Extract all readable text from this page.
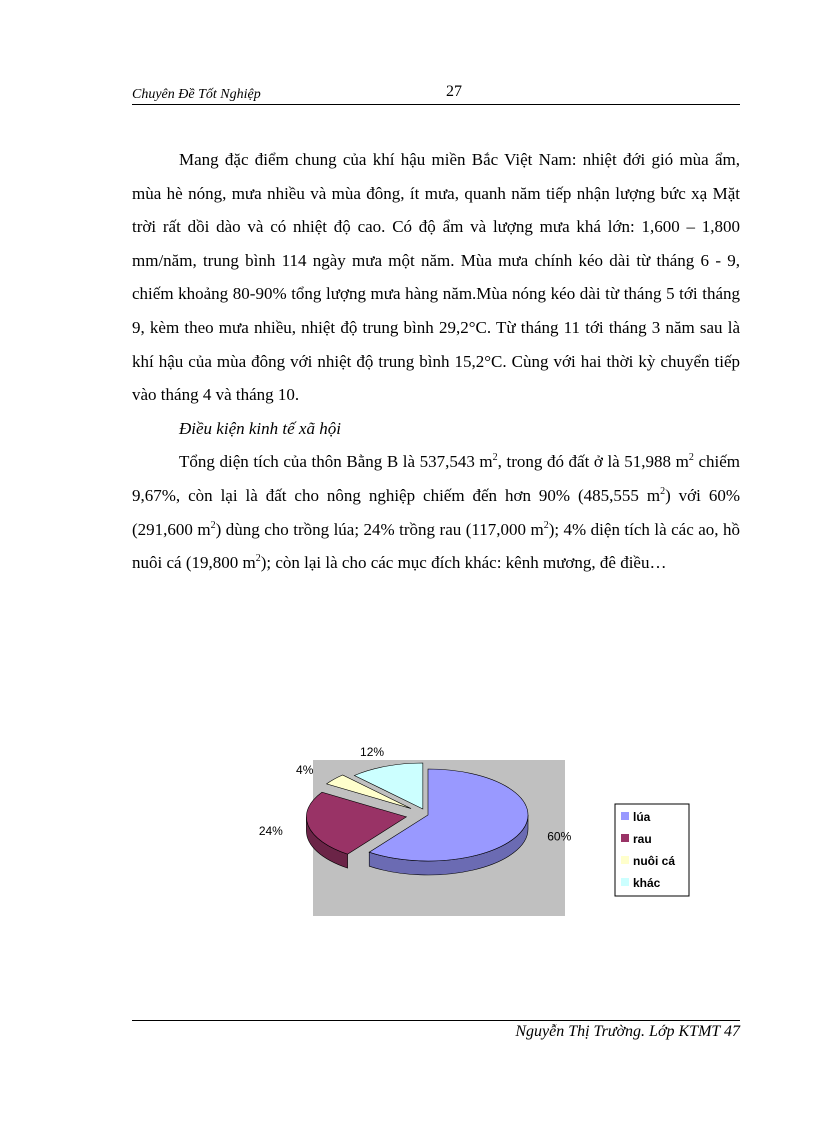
Chuyên Đề Tốt Nghiệp	27

Mang đặc điểm chung của khí hậu miền Bắc Việt Nam: nhiệt đới gió mùa ẩm, mùa hè nóng, mưa nhiều và mùa đông, ít mưa, quanh năm tiếp nhận lượng bức xạ Mặt trời rất dồi dào và có nhiệt độ cao. Có độ ẩm và lượng mưa khá lớn: 1,600 – 1,800 mm/năm, trung bình 114 ngày mưa một năm. Mùa mưa chính kéo dài từ tháng 6 - 9, chiếm khoảng 80-90% tổng lượng mưa hàng năm.Mùa nóng kéo dài từ tháng 5 tới tháng 9, kèm theo mưa nhiều, nhiệt độ trung bình 29,2°C. Từ tháng 11 tới tháng 3 năm sau là khí hậu của mùa đông với nhiệt độ trung bình 15,2°C. Cùng với hai thời kỳ chuyển tiếp vào tháng 4 và tháng 10.

Điều kiện kinh tế xã hội

Tổng diện tích của thôn Bằng B là 537,543 $m^2$, trong đó đất ở là 51,988 $m^2$ chiếm 9,67%, còn lại là đất cho nông nghiệp chiếm đến hơn 90% (485,555 $m^2$) với 60% (291,600 $m^2$) dùng cho trồng lúa; 24% trồng rau (117,000 $m^2$); 4% diện tích là các ao, hồ nuôi cá (19,800 $m^2$); còn lại là cho các mục đích khác: kênh mương, đê điều…

60%
24%
4%
12%
lúa
rau
nuôi cá
khác
Nguyễn Thị Trường. Lớp KTMT 47
